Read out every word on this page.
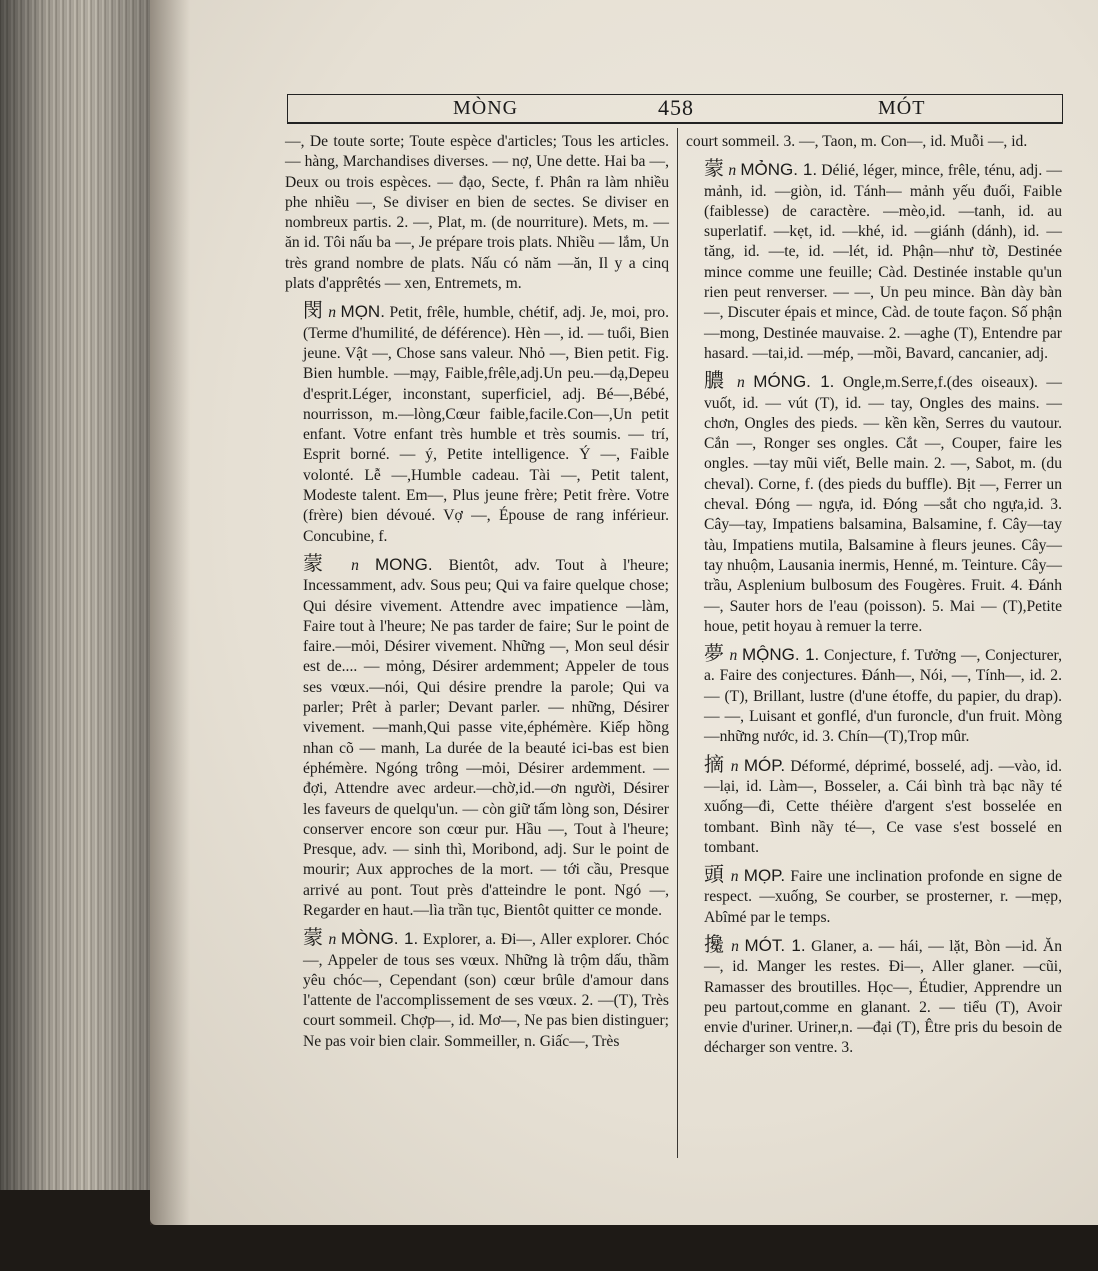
MÒNG	458	MÓT

—, De toute sorte; Toute espèce d'articles; Tous les articles. — hàng, Marchandises diverses. — nợ, Une dette. Hai ba —, Deux ou trois espèces. — đạo, Secte, f. Phân ra làm nhiều phe nhiều —, Se diviser en bien de sectes. Se diviser en nombreux partis. 2. —, Plat, m. (de nourriture). Mets, m. — ăn id. Tôi nấu ba —, Je prépare trois plats. Nhiều — lắm, Un très grand nombre de plats. Nấu có năm —ăn, Il y a cinq plats d'apprêtés — xen, Entremets, m.

閔 n MỌN. Petit, frêle, humble, chétif, adj. Je, moi, pro. (Terme d'humilité, de déférence). Hèn —, id. — tuổi, Bien jeune. Vật —, Chose sans valeur. Nhỏ —, Bien petit. Fig. Bien humble. —mạy, Faible,frêle,adj.Un peu.—dạ,Depeu d'esprit.Léger, inconstant, superficiel, adj. Bé—,Bébé, nourrisson, m.—lòng,Cœur faible,facile.Con—,Un petit enfant. Votre enfant très humble et très soumis. — trí, Esprit borné. — ý, Petite intelligence. Ý —, Faible volonté. Lễ —,Humble cadeau. Tài —, Petit talent, Modeste talent. Em—, Plus jeune frère; Petit frère. Votre (frère) bien dévoué. Vợ —, Épouse de rang inférieur. Concubine, f.

蒙 n MONG. Bientôt, adv. Tout à l'heure; Incessamment, adv. Sous peu; Qui va faire quelque chose; Qui désire vivement. Attendre avec impatience —làm, Faire tout à l'heure; Ne pas tarder de faire; Sur le point de faire.—mỏi, Désirer vivement. Những —, Mon seul désir est de.... — mỏng, Désirer ardemment; Appeler de tous ses vœux.—nói, Qui désire prendre la parole; Qui va parler; Prêt à parler; Devant parler. — những, Désirer vivement. —manh,Qui passe vite,éphémère. Kiếp hồng nhan cõ — manh, La durée de la beauté ici-bas est bien éphémère. Ngóng trông —mỏi, Désirer ardemment. — đợi, Attendre avec ardeur.—chờ,id.—ơn người, Désirer les faveurs de quelqu'un. — còn giữ tấm lòng son, Désirer conserver encore son cœur pur. Hầu —, Tout à l'heure; Presque, adv. — sinh thì, Moribond, adj. Sur le point de mourir; Aux approches de la mort. — tới cầu, Presque arrivé au pont. Tout près d'atteindre le pont. Ngó —, Regarder en haut.—lìa trần tục, Bientôt quitter ce monde.

蒙 n MÒNG. 1. Explorer, a. Đi—, Aller explorer. Chóc—, Appeler de tous ses vœux. Những là trộm dấu, thầm yêu chóc—, Cependant (son) cœur brûle d'amour dans l'attente de l'accomplissement de ses vœux. 2. —(T), Très court sommeil. Chợp—, id. Mơ—, Ne pas bien distinguer; Ne pas voir bien clair. Sommeiller, n. Giấc—, Très

court sommeil. 3. —, Taon, m. Con—, id. Muỗi —, id.

蒙 n MỎNG. 1. Délié, léger, mince, frêle, ténu, adj. —mảnh, id. —giòn, id. Tánh— mảnh yếu đuối, Faible (faiblesse) de caractère. —mèo,id. —tanh, id. au superlatif. —kẹt, id. —khé, id. —giánh (dánh), id. —tăng, id. —te, id. —lét, id. Phận—như tờ, Destinée mince comme une feuille; Càd. Destinée instable qu'un rien peut renverser. — —, Un peu mince. Bàn dày bàn—, Discuter épais et mince, Càd. de toute façon. Số phận—mong, Destinée mauvaise. 2. —aghe (T), Entendre par hasard. —tai,id. —mép, —mồi, Bavard, cancanier, adj.

膿 n MÓNG. 1. Ongle,m.Serre,f.(des oiseaux). — vuốt, id. — vút (T), id. — tay, Ongles des mains. —chơn, Ongles des pieds. — kền kền, Serres du vautour. Cắn —, Ronger ses ongles. Cắt —, Couper, faire les ongles. —tay mũi viết, Belle main. 2. —, Sabot, m. (du cheval). Corne, f. (des pieds du buffle). Bịt —, Ferrer un cheval. Đóng — ngựa, id. Đóng —sắt cho ngựa,id. 3. Cây—tay, Impatiens balsamina, Balsamine, f. Cây—tay tàu, Impatiens mutila, Balsamine à fleurs jeunes. Cây—tay nhuộm, Lausania inermis, Henné, m. Teinture. Cây— trầu, Asplenium bulbosum des Fougères. Fruit. 4. Đánh —, Sauter hors de l'eau (poisson). 5. Mai — (T),Petite houe, petit hoyau à remuer la terre.

夢 n MỘNG. 1. Conjecture, f. Tưởng —, Conjecturer, a. Faire des conjectures. Đánh—, Nói, —, Tính—, id. 2. — (T), Brillant, lustre (d'une étoffe, du papier, du drap). — —, Luisant et gonflé, d'un furoncle, d'un fruit. Mòng—những nước, id. 3. Chín—(T),Trop mûr.

摘 n MÓP. Déformé, déprimé, bosselé, adj. —vào, id. —lại, id. Làm—, Bosseler, a. Cái bình trà bạc nầy té xuống—đi, Cette théière d'argent s'est bosselée en tombant. Bình nầy té—, Ce vase s'est bosselé en tombant.

頭 n MỌP. Faire une inclination profonde en signe de respect. —xuống, Se courber, se prosterner, r. —mẹp, Abîmé par le temps.

攙 n MÓT. 1. Glaner, a. — hái, — lặt, Bòn —id. Ăn —, id. Manger les restes. Đi—, Aller glaner. —cũi, Ramasser des broutilles. Học—, Étudier, Apprendre un peu partout,comme en glanant. 2. — tiểu (T), Avoir envie d'uriner. Uriner,n. —đại (T), Être pris du besoin de décharger son ventre. 3.
